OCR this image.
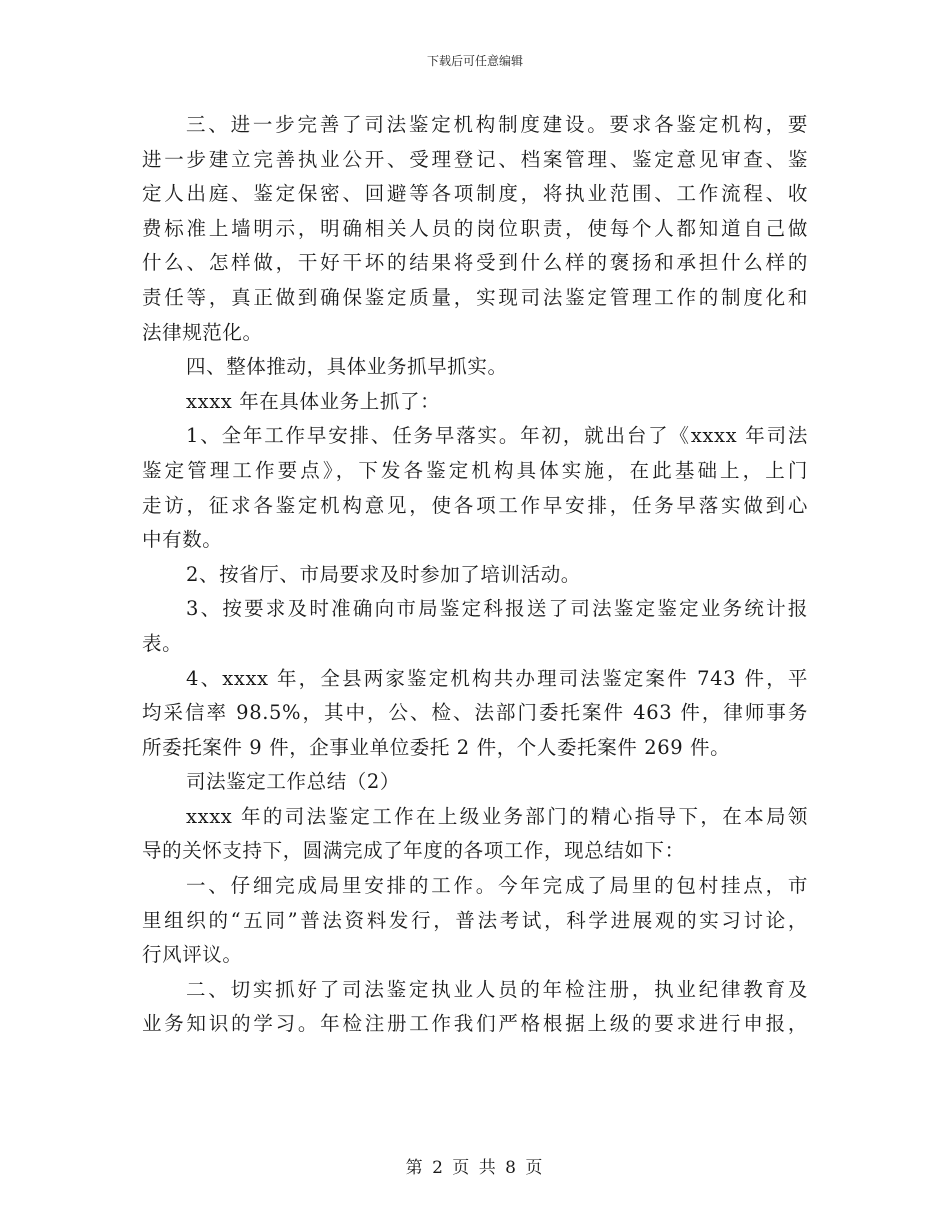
下载后可任意编辑
三、进一步完善了司法鉴定机构制度建设。要求各鉴定机构，要
进一步建立完善执业公开、受理登记、档案管理、鉴定意见审查、鉴
定人出庭、鉴定保密、回避等各项制度，将执业范围、工作流程、收
费标准上墙明示，明确相关人员的岗位职责，使每个人都知道自己做
什么、怎样做，干好干坏的结果将受到什么样的褒扬和承担什么样的
责任等，真正做到确保鉴定质量，实现司法鉴定管理工作的制度化和
法律规范化。
四、整体推动，具体业务抓早抓实。
xxxx 年在具体业务上抓了：
1、全年工作早安排、任务早落实。年初，就出台了《xxxx 年司法
鉴定管理工作要点》，下发各鉴定机构具体实施，在此基础上，上门
走访，征求各鉴定机构意见，使各项工作早安排，任务早落实做到心
中有数。
2、按省厅、市局要求及时参加了培训活动。
3、按要求及时准确向市局鉴定科报送了司法鉴定鉴定业务统计报
表。
4、xxxx 年，全县两家鉴定机构共办理司法鉴定案件 743 件，平
均采信率 98.5%，其中，公、检、法部门委托案件 463 件，律师事务
所委托案件 9 件，企事业单位委托 2 件，个人委托案件 269 件。
司法鉴定工作总结（2）
xxxx 年的司法鉴定工作在上级业务部门的精心指导下，在本局领
导的关怀支持下，圆满完成了年度的各项工作，现总结如下：
一、仔细完成局里安排的工作。今年完成了局里的包村挂点，市
里组织的“五同”普法资料发行，普法考试，科学进展观的实习讨论，
行风评议。
二、切实抓好了司法鉴定执业人员的年检注册，执业纪律教育及
业务知识的学习。年检注册工作我们严格根据上级的要求进行申报，
第 2 页 共 8 页
